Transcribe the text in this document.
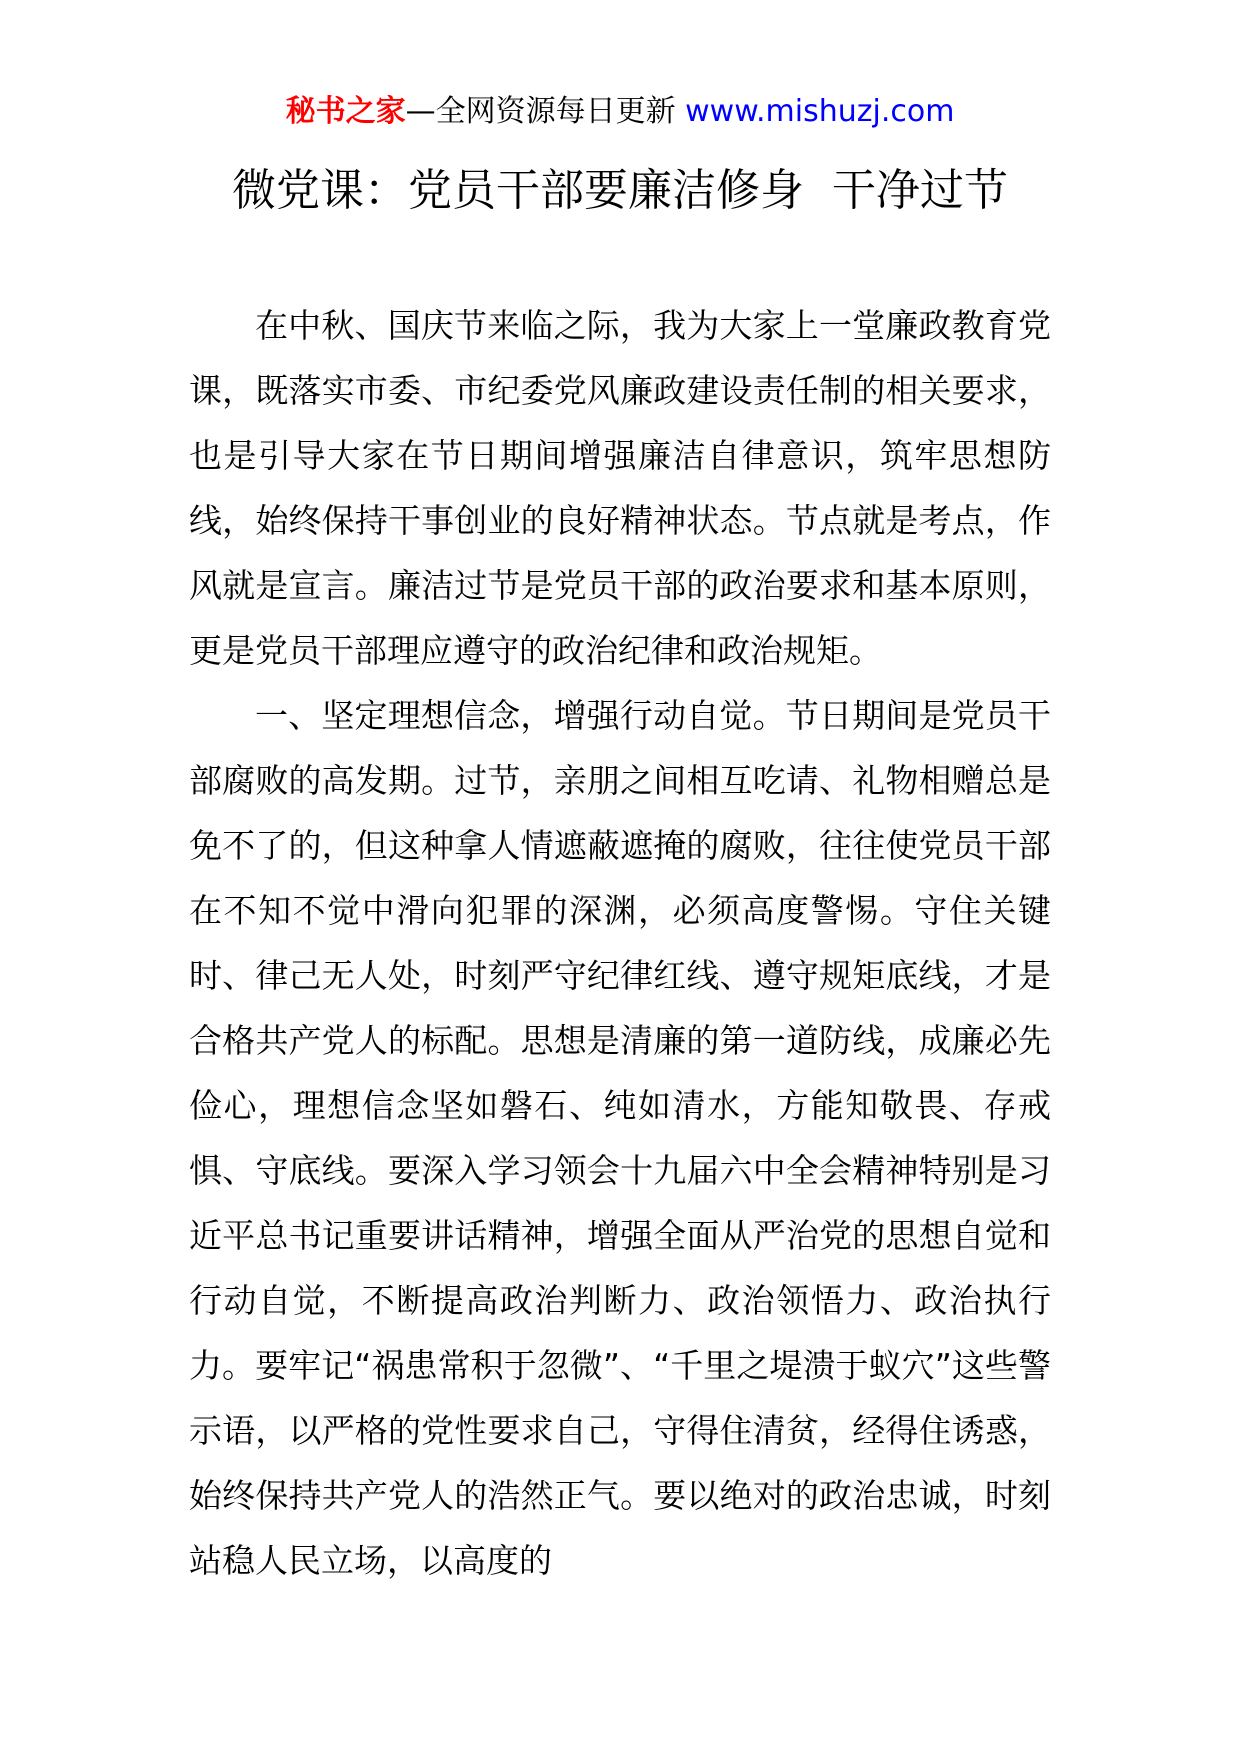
秘书之家—全网资源每日更新 www.mishuzj.com
微党课：党员干部要廉洁修身  干净过节

在中秋、国庆节来临之际，我为大家上一堂廉政教育党课，既落实市委、市纪委党风廉政建设责任制的相关要求，也是引导大家在节日期间增强廉洁自律意识，筑牢思想防线，始终保持干事创业的良好精神状态。节点就是考点，作风就是宣言。廉洁过节是党员干部的政治要求和基本原则，更是党员干部理应遵守的政治纪律和政治规矩。

一、坚定理想信念，增强行动自觉。节日期间是党员干部腐败的高发期。过节，亲朋之间相互吃请、礼物相赠总是免不了的，但这种拿人情遮蔽遮掩的腐败，往往使党员干部在不知不觉中滑向犯罪的深渊，必须高度警惕。守住关键时、律己无人处，时刻严守纪律红线、遵守规矩底线，才是合格共产党人的标配。思想是清廉的第一道防线，成廉必先俭心，理想信念坚如磐石、纯如清水，方能知敬畏、存戒惧、守底线。要深入学习领会十九届六中全会精神特别是习近平总书记重要讲话精神，增强全面从严治党的思想自觉和行动自觉，不断提高政治判断力、政治领悟力、政治执行力。要牢记“祸患常积于忽微”、“千里之堤溃于蚁穴”这些警示语，以严格的党性要求自己，守得住清贫，经得住诱惑，始终保持共产党人的浩然正气。要以绝对的政治忠诚，时刻站稳人民立场，以高度的
